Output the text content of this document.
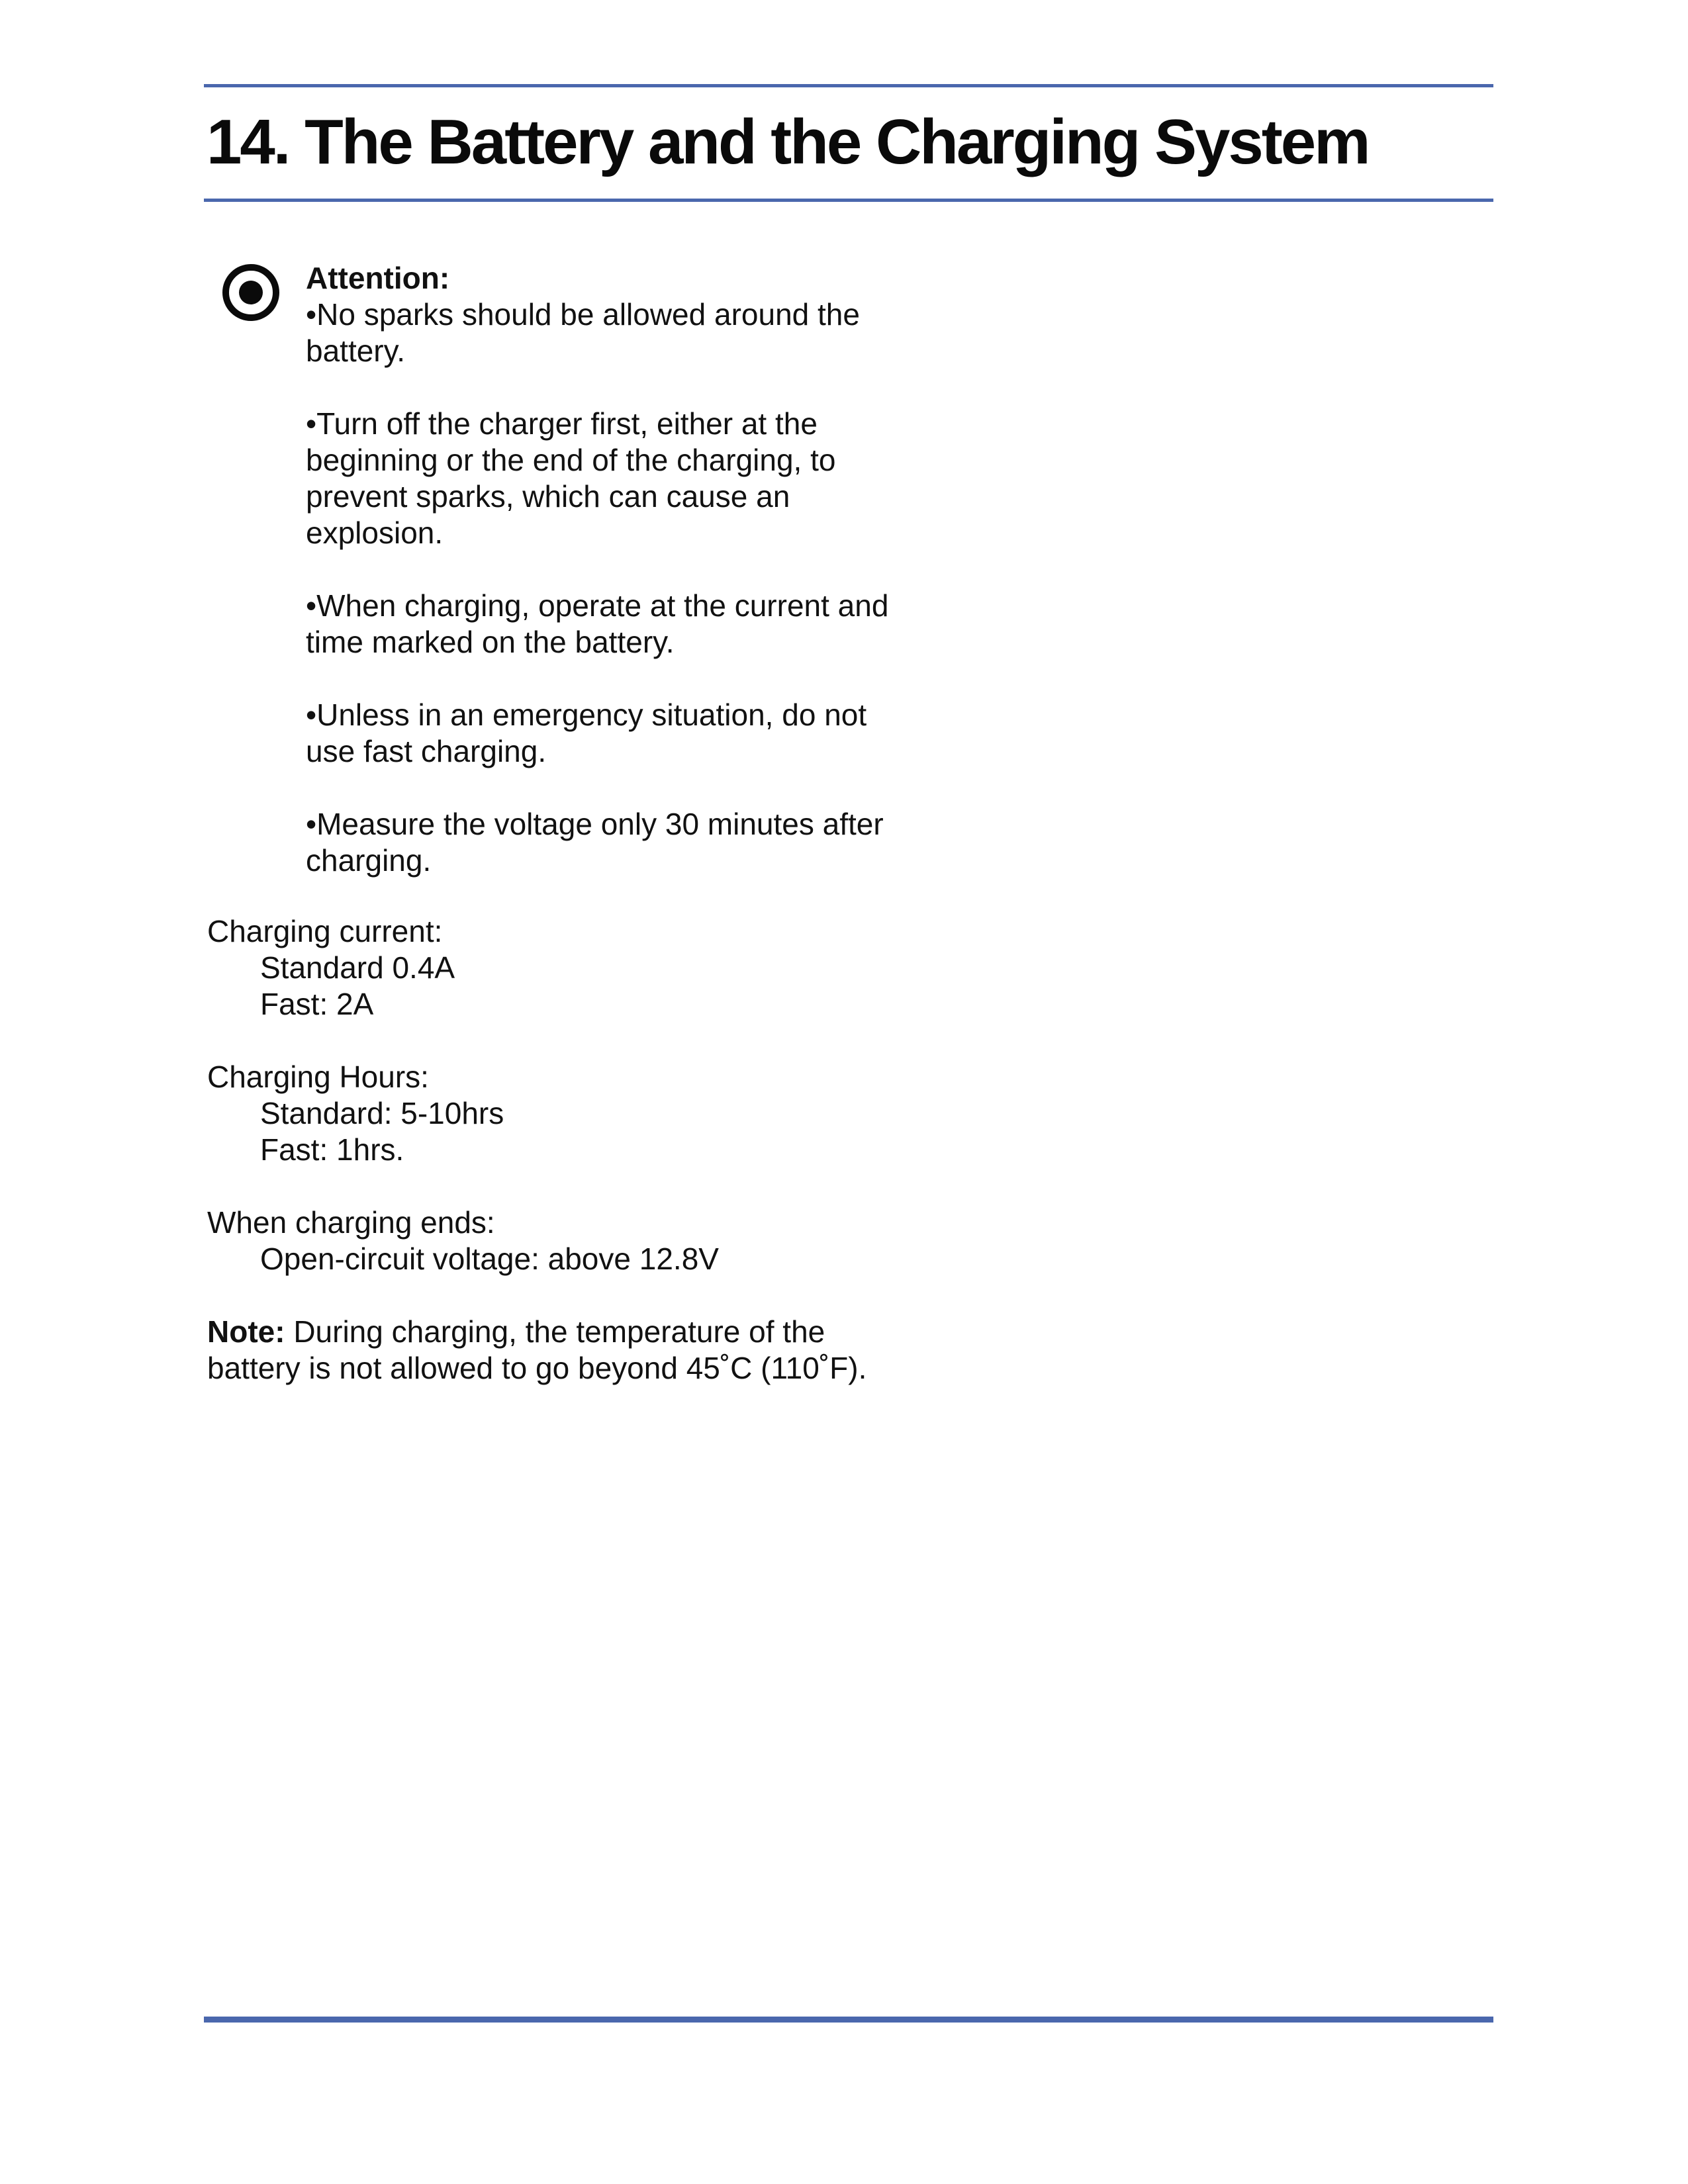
14. The Battery and the Charging System
Attention:
•No sparks should be allowed around the battery.
•Turn off the charger first, either at the beginning or the end of the charging, to prevent sparks, which can cause an explosion.
•When charging, operate at the current and time marked on the battery.
•Unless in an emergency situation, do not use fast charging.
•Measure the voltage only 30 minutes after charging.
Charging current:
Standard 0.4A
Fast: 2A
Charging Hours:
Standard: 5-10hrs
Fast: 1hrs.
When charging ends:
Open-circuit voltage: above 12.8V
Note: During charging, the temperature of the battery is not allowed to go beyond 45˚C (110˚F).
